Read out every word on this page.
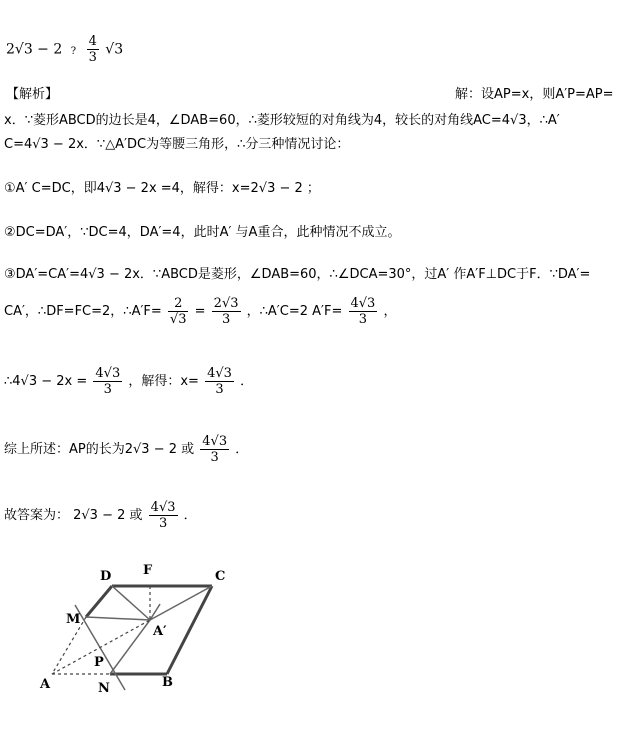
2√3 − 2 ? $\frac{4}{3} √3$
【解析】	解：设AP=x，则A′P=AP=
x．∵菱形ABCD的边长是4，∠DAB=60，∴菱形较短的对角线为4，较长的对角线AC=4√3，∴A′
C=4√3 − 2x．∵△A′DC为等腰三角形，∴分三种情况讨论：
①A′ C=DC，即4√3 − 2x =4，解得：x=2√3 − 2 ；
②DC=DA′，∵DC=4，DA′=4，此时A′ 与A重合，此种情况不成立。
③DA′=CA′=4√3 − 2x．∵ABCD是菱形，∠DAB=60，∴∠DCA=30°，过A′ 作A′F⊥DC于F．∵DA′=
CA′，∴DF=FC=2，∴A′F= $\frac{2}{√3} = \frac{2√3}{3}$ ，∴A′C=2 $A'F= \frac{4√3}{3}$ ，
∴4√3 − $2x = \frac{4√3}{3}$ ，解得：$x= \frac{4√3}{3}$ ．
综上所述：AP的长为2√3 − 2 或 $\frac{4√3}{3}$ ．
故答案为： 2√3 − 2 或 $\frac{4√3}{3}$ ．
D F	C
M
A′
P
A	N	B
